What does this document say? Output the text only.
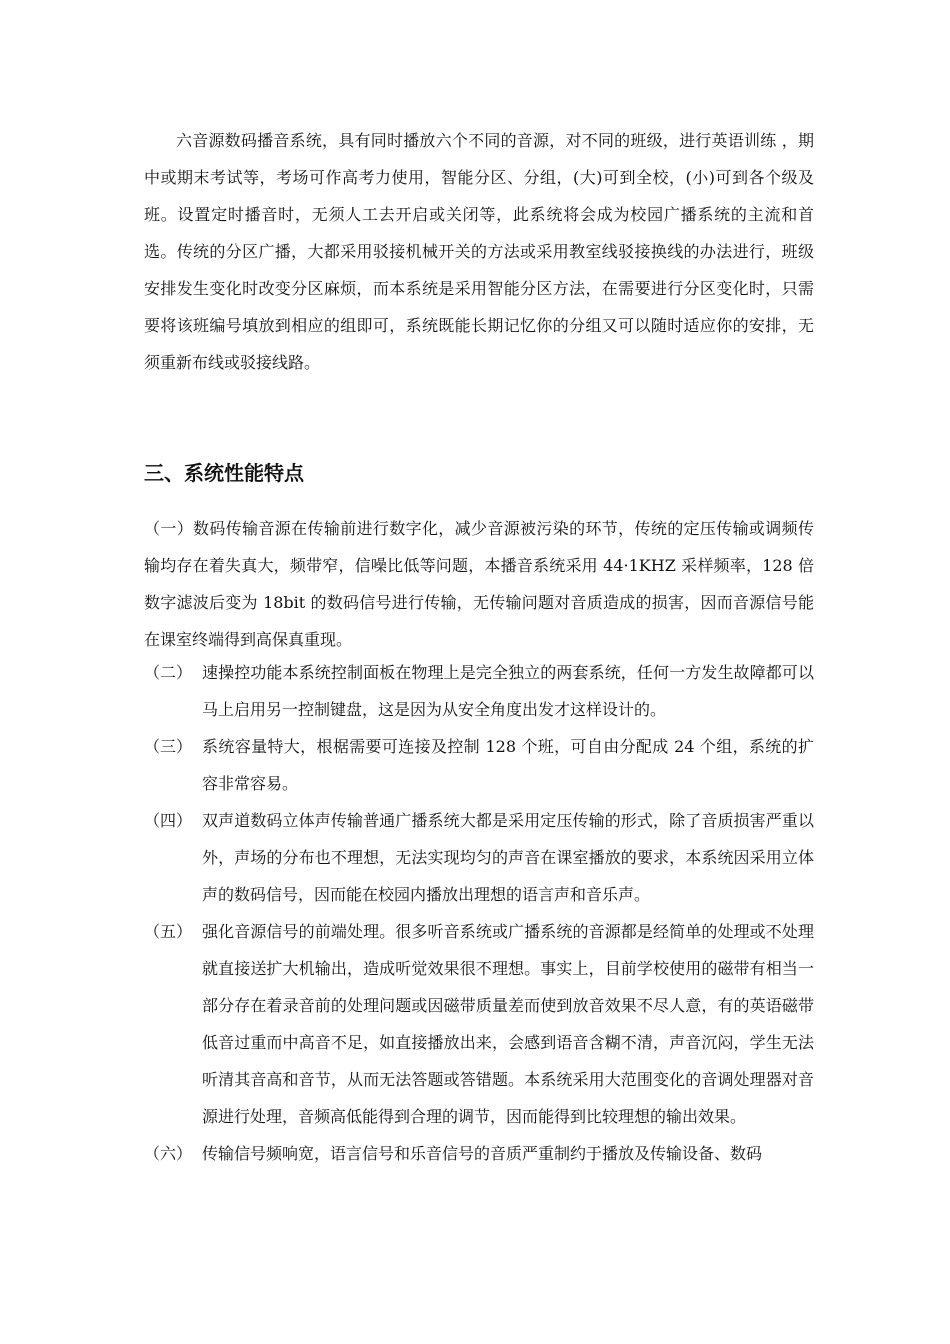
六音源数码播音系统，具有同时播放六个不同的音源，对不同的班级，进行英语训练 ，期中或期末考试等，考场可作高考力使用，智能分区、分组，(大)可到全校，(小)可到各个级及班。设置定时播音时，无须人工去开启或关闭等，此系统将会成为校园广播系统的主流和首选。传统的分区广播，大都采用驳接机械开关的方法或采用教室线驳接换线的办法进行，班级安排发生变化时改变分区麻烦，而本系统是采用智能分区方法，在需要进行分区变化时，只需要将该班编号填放到相应的组即可，系统既能长期记忆你的分组又可以随时适应你的安排，无须重新布线或驳接线路。

三、系统性能特点

（一）数码传输音源在传输前进行数字化，减少音源被污染的环节，传统的定压传输或调频传输均存在着失真大，频带窄，信噪比低等问题，本播音系统采用 44·1KHZ 采样频率，128 倍数字滤波后变为 18bit 的数码信号进行传输，无传输问题对音质造成的损害，因而音源信号能在课室终端得到高保真重现。

（二） 速操控功能本系统控制面板在物理上是完全独立的两套系统，任何一方发生故障都可以马上启用另一控制键盘，这是因为从安全角度出发才这样设计的。
（三） 系统容量特大，根椐需要可连接及控制 128 个班，可自由分配成 24 个组，系统的扩容非常容易。
（四） 双声道数码立体声传输普通广播系统大都是采用定压传输的形式，除了音质损害严重以外，声场的分布也不理想，无法实现均匀的声音在课室播放的要求，本系统因采用立体声的数码信号，因而能在校园内播放出理想的语言声和音乐声。
（五） 强化音源信号的前端处理。很多听音系统或广播系统的音源都是经简单的处理或不处理就直接送扩大机输出，造成听觉效果很不理想。事实上，目前学校使用的磁带有相当一部分存在着录音前的处理问题或因磁带质量差而使到放音效果不尽人意，有的英语磁带低音过重而中高音不足，如直接播放出来，会感到语音含糊不清，声音沉闷，学生无法听清其音高和音节，从而无法答题或答错题。本系统采用大范围变化的音调处理器对音源进行处理，音频高低能得到合理的调节，因而能得到比较理想的输出效果。
（六） 传输信号频响宽，语言信号和乐音信号的音质严重制约于播放及传输设备、数码
